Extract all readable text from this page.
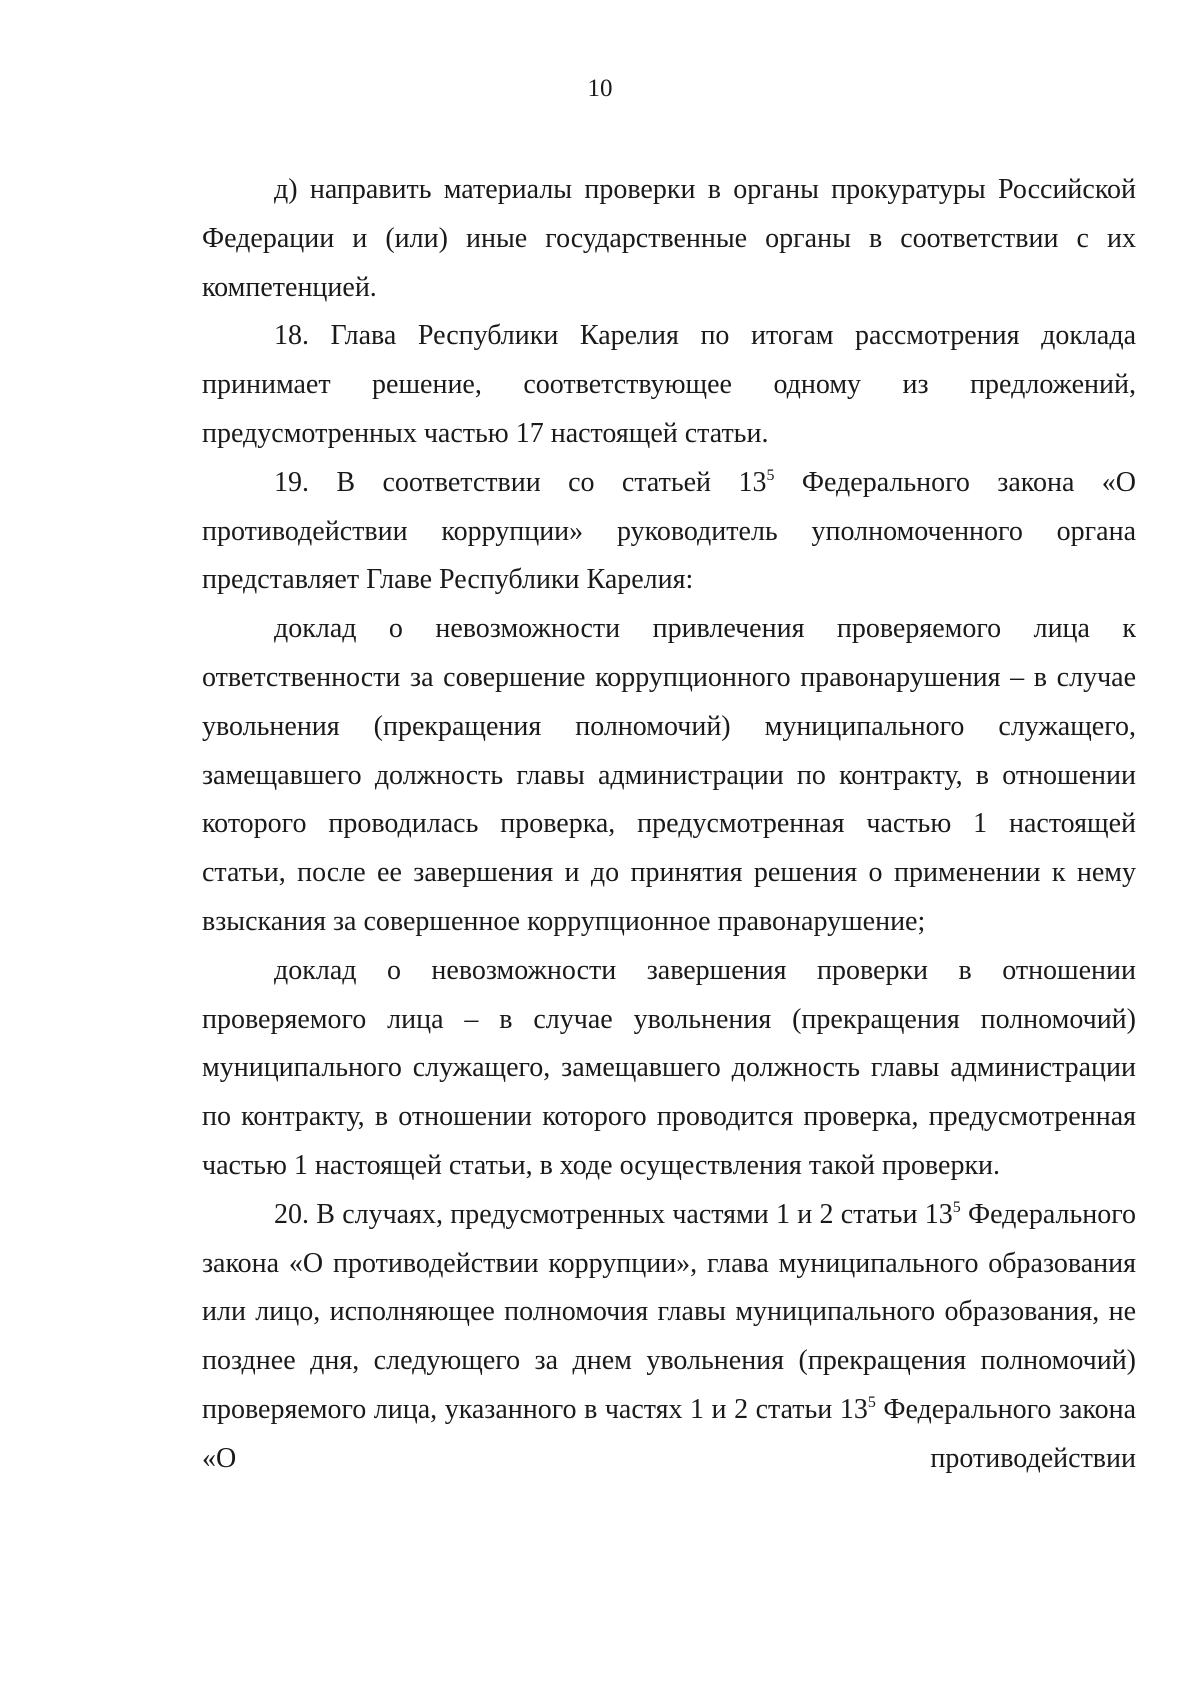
10

д) направить материалы проверки в органы прокуратуры Российской Федерации и (или) иные государственные органы в соответствии с их компетенцией.

18. Глава Республики Карелия по итогам рассмотрения доклада принимает решение, соответствующее одному из предложений, предусмотренных частью 17 настоящей статьи.

19. В соответствии со статьей $13^5$ Федерального закона «О противодействии коррупции» руководитель уполномоченного органа представляет Главе Республики Карелия:

доклад о невозможности привлечения проверяемого лица к ответственности за совершение коррупционного правонарушения – в случае увольнения (прекращения полномочий) муниципального служащего, замещавшего должность главы администрации по контракту, в отношении которого проводилась проверка, предусмотренная частью 1 настоящей статьи, после ее завершения и до принятия решения о применении к нему взыскания за совершенное коррупционное правонарушение;

доклад о невозможности завершения проверки в отношении проверяемого лица – в случае увольнения (прекращения полномочий) муниципального служащего, замещавшего должность главы администрации по контракту, в отношении которого проводится проверка, предусмотренная частью 1 настоящей статьи, в ходе осуществления такой проверки.

20. В случаях, предусмотренных частями 1 и 2 статьи $13^5$ Федерального закона «О противодействии коррупции», глава муниципального образования или лицо, исполняющее полномочия главы муниципального образования, не позднее дня, следующего за днем увольнения (прекращения полномочий) проверяемого лица, указанного в частях 1 и 2 статьи $13^5$ Федерального закона «О противодействии
